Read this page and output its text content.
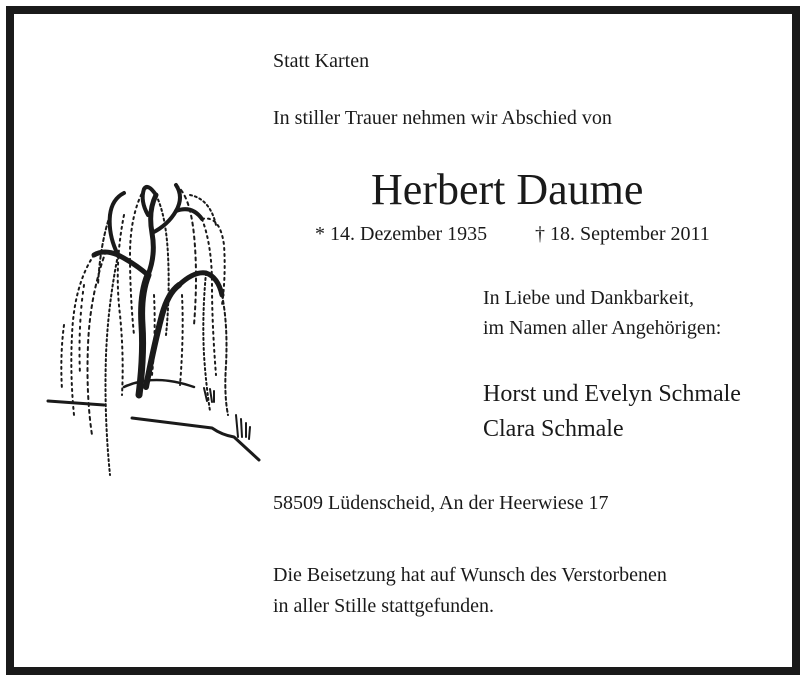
Statt Karten

In stiller Trauer nehmen wir Abschied von

Herbert Daume

* 14. Dezember 1935 † 18. September 2011

In Liebe und Dankbarkeit,

im Namen aller Angehörigen:

Horst und Evelyn Schmale

Clara Schmale

58509 Lüdenscheid, An der Heerwiese 17

Die Beisetzung hat auf Wunsch des Verstorbenen

in aller Stille stattgefunden.
